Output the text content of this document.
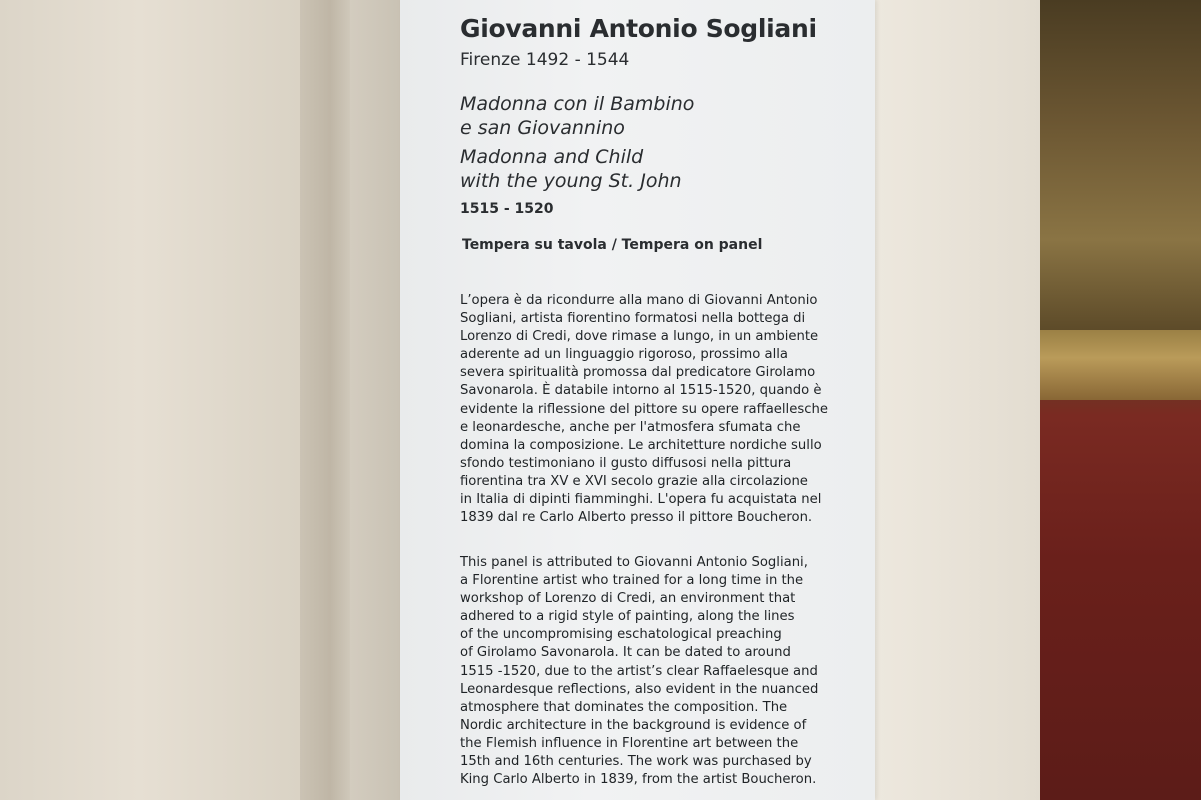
Giovanni Antonio Sogliani
Firenze 1492 - 1544
Madonna con il Bambino
e san Giovannino
Madonna and Child
with the young St. John
1515 - 1520
Tempera su tavola / Tempera on panel
L’opera è da ricondurre alla mano di Giovanni Antonio
Sogliani, artista fiorentino formatosi nella bottega di
Lorenzo di Credi, dove rimase a lungo, in un ambiente
aderente ad un linguaggio rigoroso, prossimo alla
severa spiritualità promossa dal predicatore Girolamo
Savonarola. È databile intorno al 1515-1520, quando è
evidente la riflessione del pittore su opere raffaellesche
e leonardesche, anche per l'atmosfera sfumata che
domina la composizione. Le architetture nordiche sullo
sfondo testimoniano il gusto diffusosi nella pittura
fiorentina tra XV e XVI secolo grazie alla circolazione
in Italia di dipinti fiamminghi. L'opera fu acquistata nel
1839 dal re Carlo Alberto presso il pittore Boucheron.
This panel is attributed to Giovanni Antonio Sogliani,
a Florentine artist who trained for a long time in the
workshop of Lorenzo di Credi, an environment that
adhered to a rigid style of painting, along the lines
of the uncompromising eschatological preaching
of Girolamo Savonarola. It can be dated to around
1515 -1520, due to the artist’s clear Raffaelesque and
Leonardesque reflections, also evident in the nuanced
atmosphere that dominates the composition. The
Nordic architecture in the background is evidence of
the Flemish influence in Florentine art between the
15th and 16th centuries. The work was purchased by
King Carlo Alberto in 1839, from the artist Boucheron.
